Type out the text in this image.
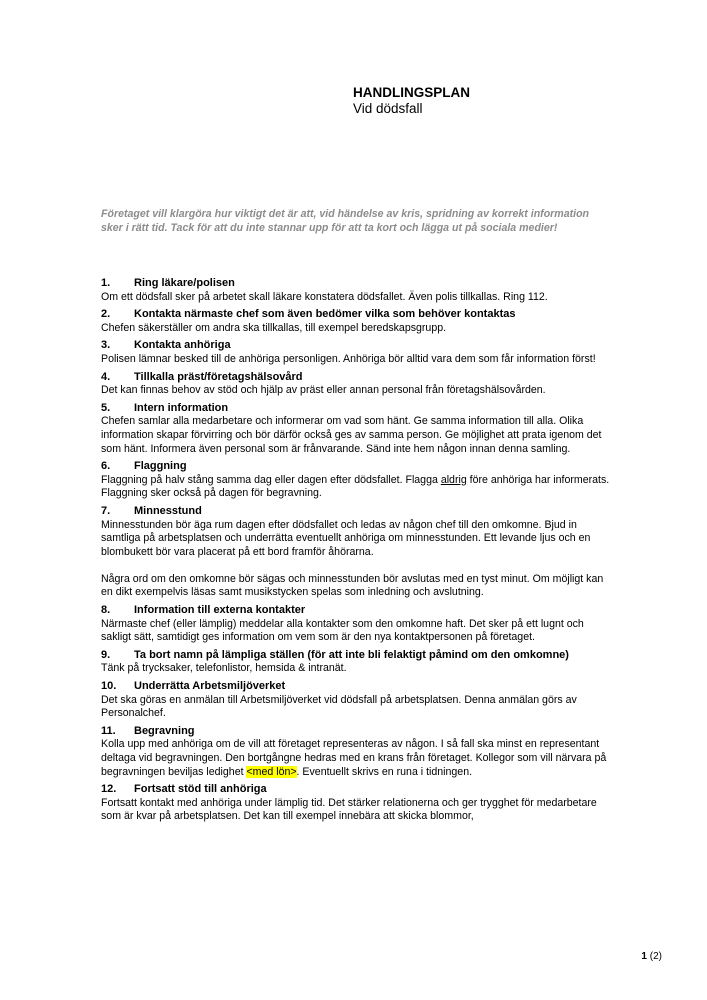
HANDLINGSPLAN
Vid dödsfall
Företaget vill klargöra hur viktigt det är att, vid händelse av kris, spridning av korrekt information sker i rätt tid. Tack för att du inte stannar upp för att ta kort och lägga ut på sociala medier!
1.	Ring läkare/polisen
Om ett dödsfall sker på arbetet skall läkare konstatera dödsfallet. Även polis tillkallas. Ring 112.
2.	Kontakta närmaste chef som även bedömer vilka som behöver kontaktas
Chefen säkerställer om andra ska tillkallas, till exempel beredskapsgrupp.
3.	Kontakta anhöriga
Polisen lämnar besked till de anhöriga personligen. Anhöriga bör alltid vara dem som får information först!
4.	Tillkalla präst/företagshälsovård
Det kan finnas behov av stöd och hjälp av präst eller annan personal från företagshälsovården.
5.	Intern information
Chefen samlar alla medarbetare och informerar om vad som hänt. Ge samma information till alla. Olika information skapar förvirring och bör därför också ges av samma person. Ge möjlighet att prata igenom det som hänt. Informera även personal som är frånvarande. Sänd inte hem någon innan denna samling.
6.	Flaggning
Flaggning på halv stång samma dag eller dagen efter dödsfallet. Flagga aldrig före anhöriga har informerats. Flaggning sker också på dagen för begravning.
7.	Minnesstund
Minnesstunden bör äga rum dagen efter dödsfallet och ledas av någon chef till den omkomne. Bjud in samtliga på arbetsplatsen och underrätta eventuellt anhöriga om minnesstunden. Ett levande ljus och en blombukett bör vara placerat på ett bord framför åhörarna.
Några ord om den omkomne bör sägas och minnesstunden bör avslutas med en tyst minut. Om möjligt kan en dikt exempelvis läsas samt musikstycken spelas som inledning och avslutning.
8.	Information till externa kontakter
Närmaste chef (eller lämplig) meddelar alla kontakter som den omkomne haft. Det sker på ett lugnt och sakligt sätt, samtidigt ges information om vem som är den nya kontaktpersonen på företaget.
9.	Ta bort namn på lämpliga ställen (för att inte bli felaktigt påmind om den omkomne)
Tänk på trycksaker, telefonlistor, hemsida & intranät.
10.	Underrätta Arbetsmiljöverket
Det ska göras en anmälan till Arbetsmiljöverket vid dödsfall på arbetsplatsen. Denna anmälan görs av Personalchef.
11.	Begravning
Kolla upp med anhöriga om de vill att företaget representeras av någon. I så fall ska minst en representant deltaga vid begravningen. Den bortgångne hedras med en krans från företaget. Kollegor som vill närvara på begravningen beviljas ledighet <med lön>. Eventuellt skrivs en runa i tidningen.
12.	Fortsatt stöd till anhöriga
Fortsatt kontakt med anhöriga under lämplig tid. Det stärker relationerna och ger trygghet för medarbetare som är kvar på arbetsplatsen. Det kan till exempel innebära att skicka blommor,
1 (2)
